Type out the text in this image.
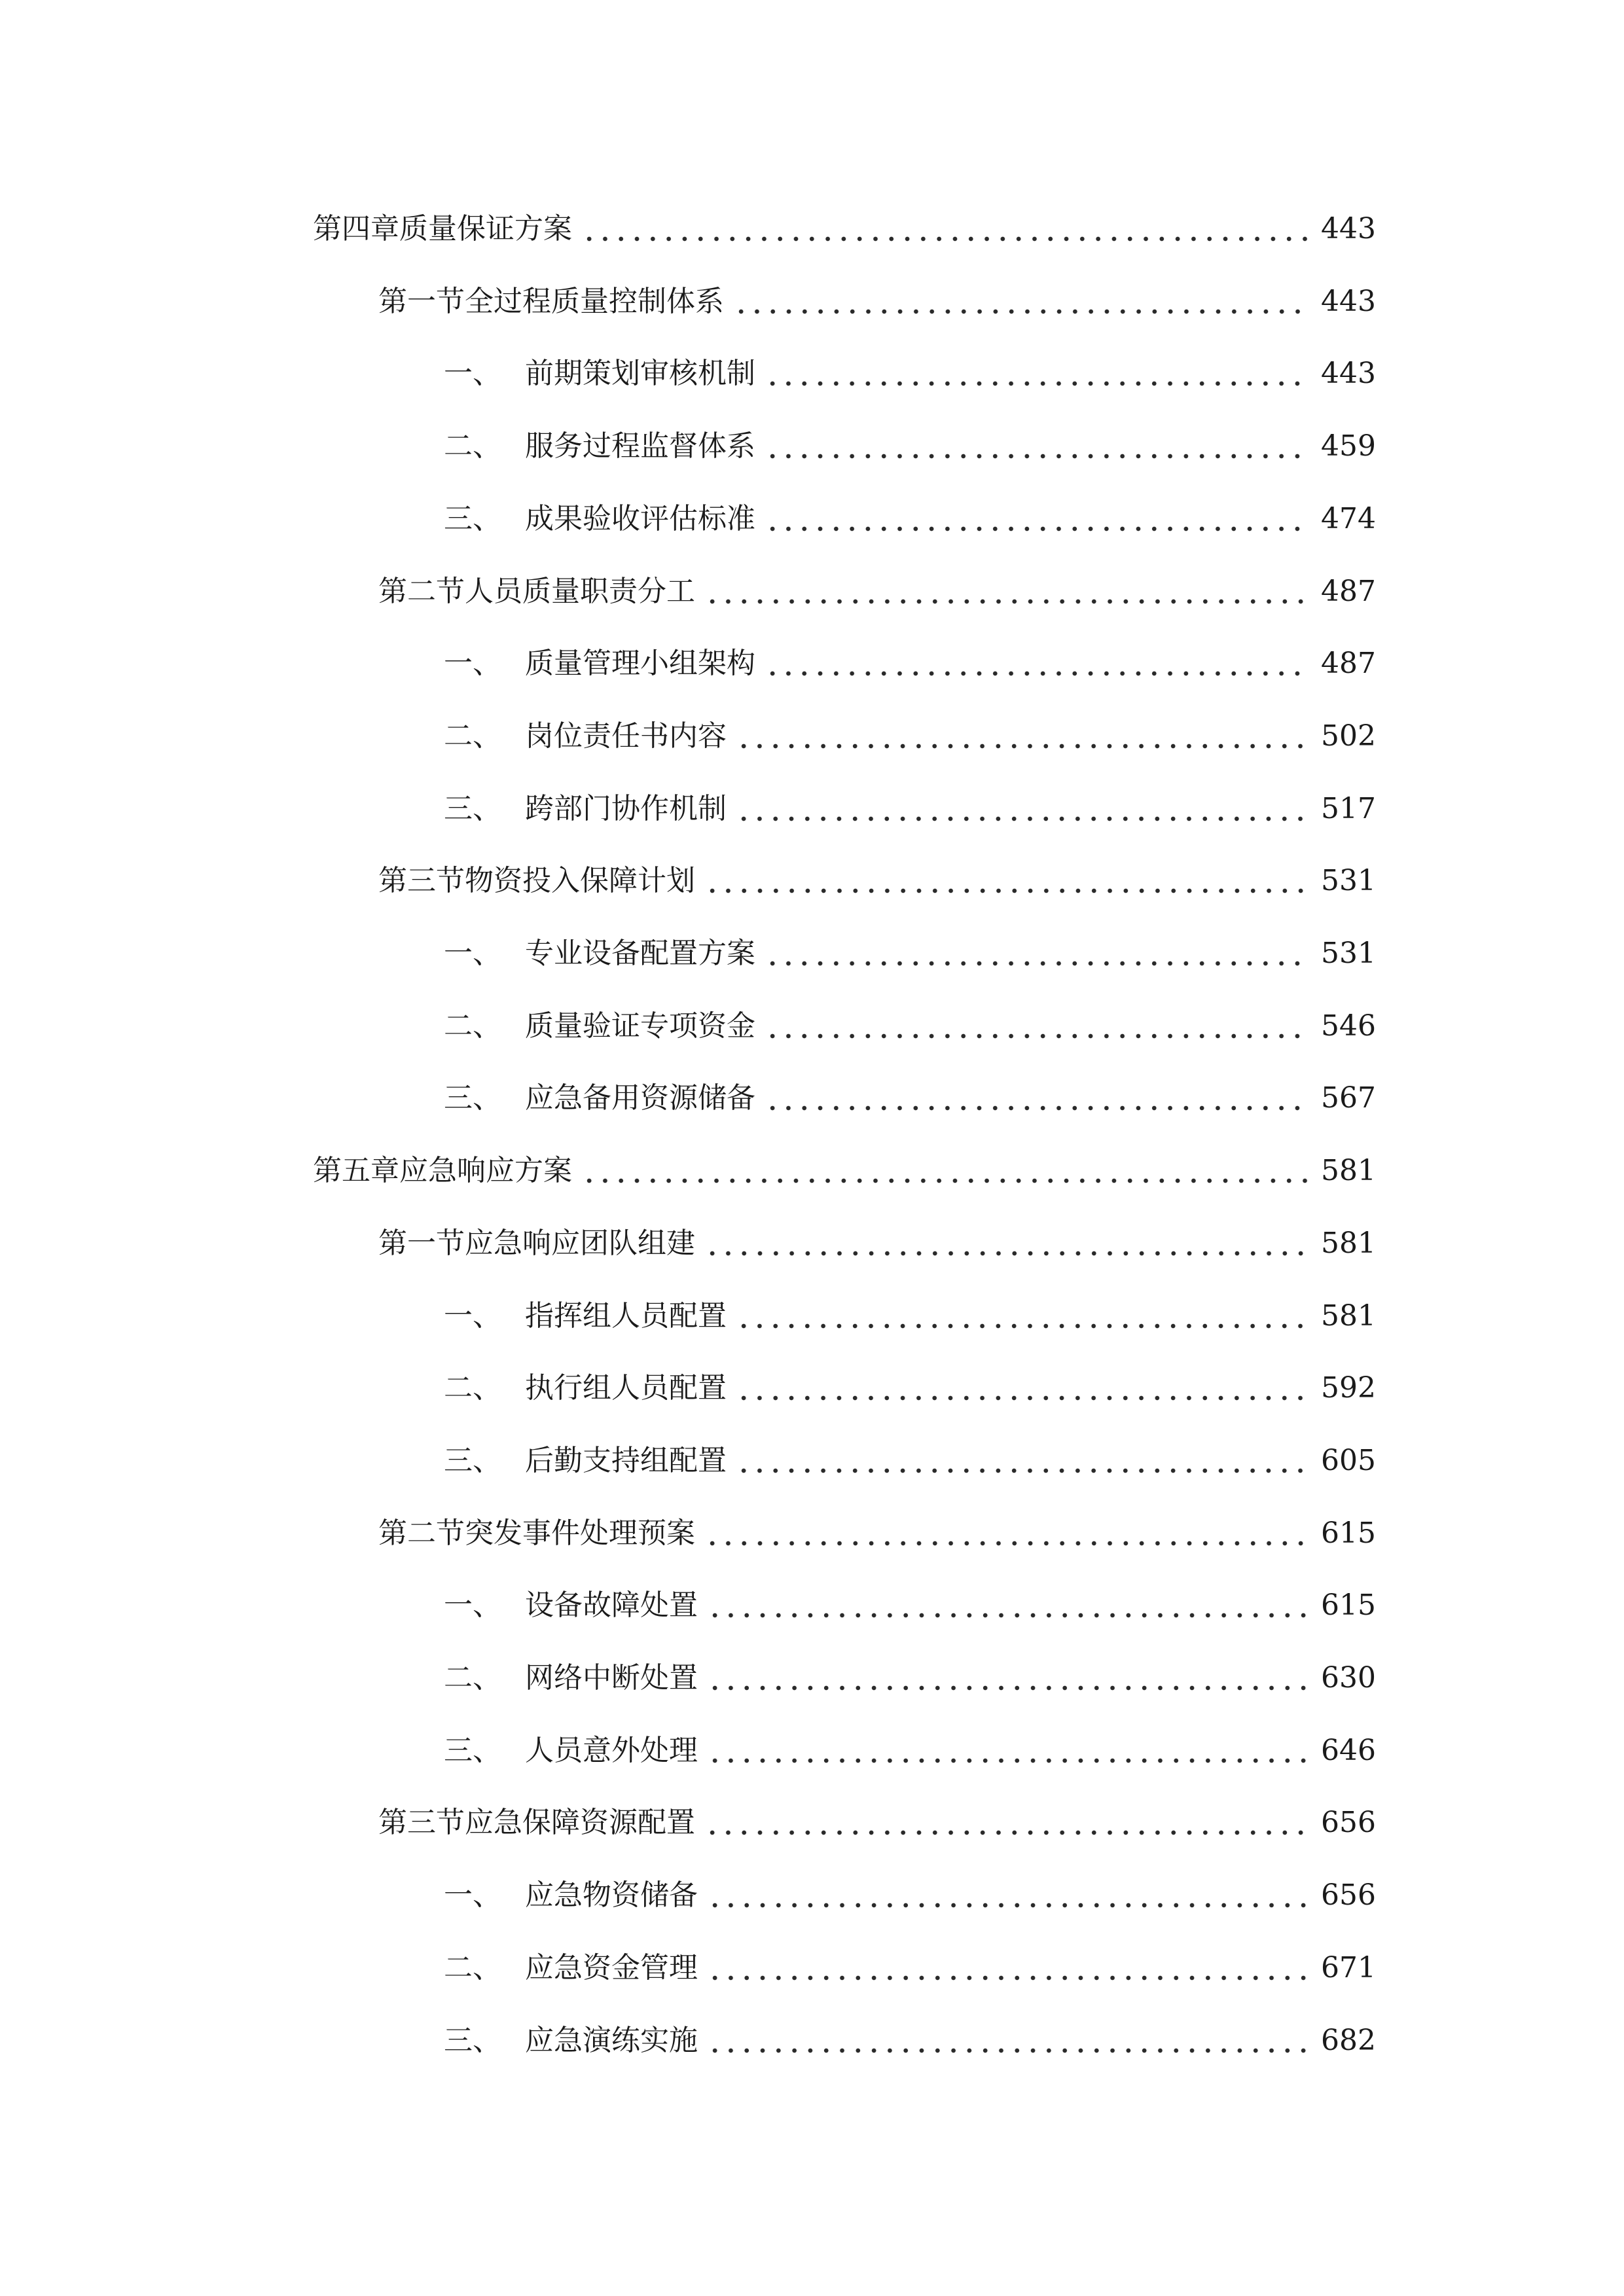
第四章 质量保证方案	443
第一节 全过程质量控制体系	443
一、 前期策划审核机制	443
二、 服务过程监督体系	459
三、 成果验收评估标准	474
第二节 人员质量职责分工	487
一、 质量管理小组架构	487
二、 岗位责任书内容	502
三、 跨部门协作机制	517
第三节 物资投入保障计划	531
一、 专业设备配置方案	531
二、 质量验证专项资金	546
三、 应急备用资源储备	567
第五章 应急响应方案	581
第一节 应急响应团队组建	581
一、 指挥组人员配置	581
二、 执行组人员配置	592
三、 后勤支持组配置	605
第二节 突发事件处理预案	615
一、 设备故障处置	615
二、 网络中断处置	630
三、 人员意外处理	646
第三节 应急保障资源配置	656
一、 应急物资储备	656
二、 应急资金管理	671
三、 应急演练实施	682
